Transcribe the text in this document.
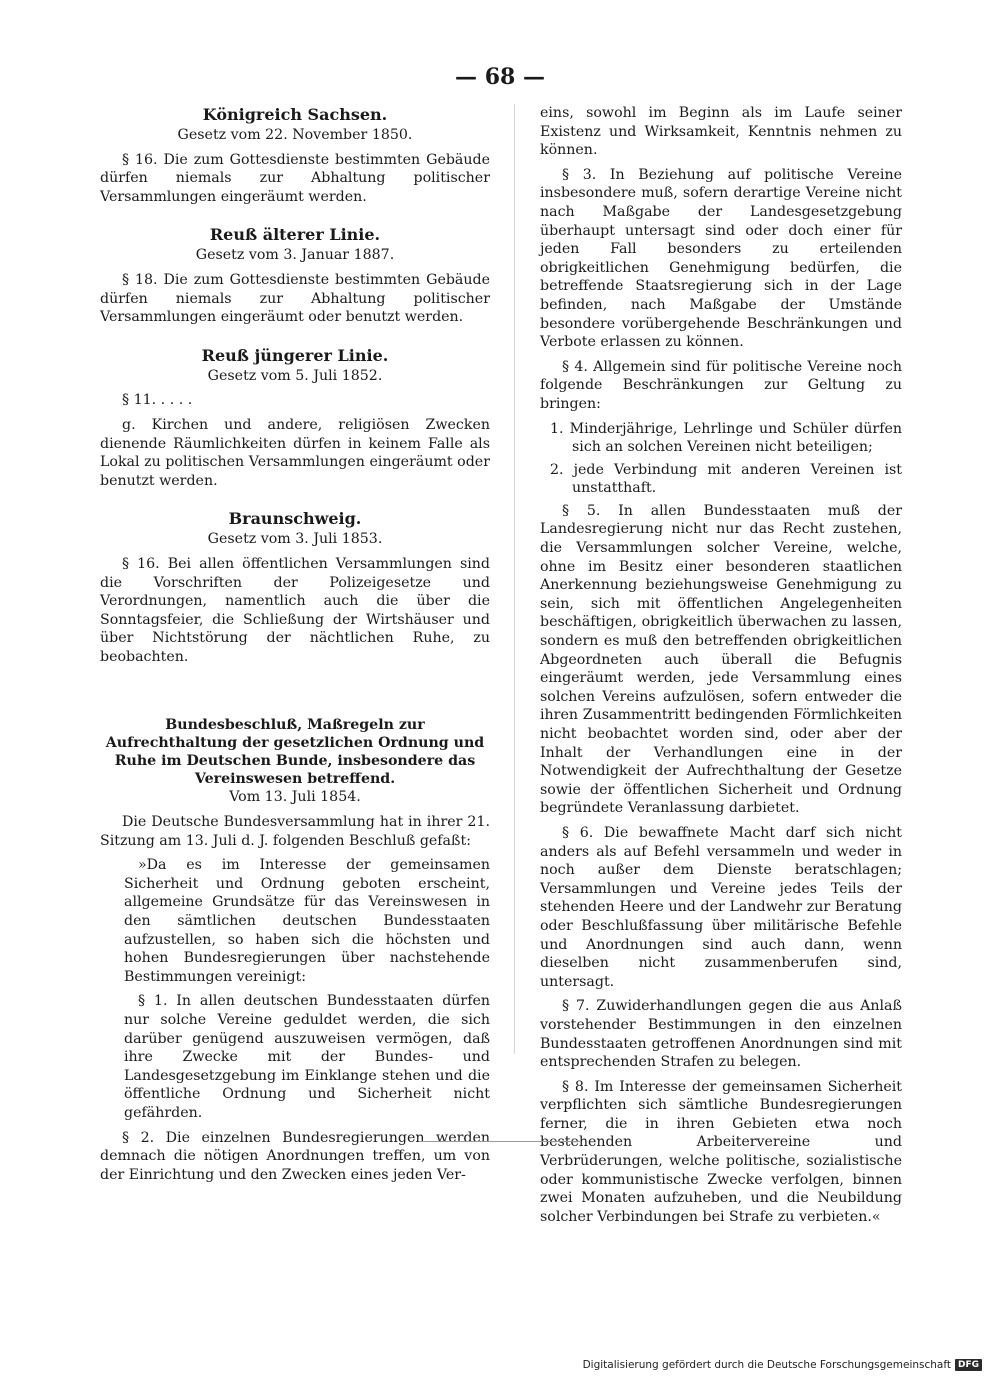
— 68 —
Königreich Sachsen.
Gesetz vom 22. November 1850.

§ 16. Die zum Gottesdienste bestimmten Gebäude dürfen niemals zur Abhaltung politischer Versammlungen eingeräumt werden.

Reuß älterer Linie.
Gesetz vom 3. Januar 1887.

§ 18. Die zum Gottesdienste bestimmten Gebäude dürfen niemals zur Abhaltung politischer Versammlungen eingeräumt oder benutzt werden.

Reuß jüngerer Linie.
Gesetz vom 5. Juli 1852.

§ 11. . . . .

g. Kirchen und andere, religiösen Zwecken dienende Räumlichkeiten dürfen in keinem Falle als Lokal zu politischen Versammlungen eingeräumt oder benutzt werden.

Braunschweig.
Gesetz vom 3. Juli 1853.

§ 16. Bei allen öffentlichen Versammlungen sind die Vorschriften der Polizeigesetze und Verordnungen, namentlich auch die über die Sonntagsfeier, die Schließung der Wirtshäuser und über Nichtstörung der nächtlichen Ruhe, zu beobachten.

Bundesbeschluß, Maßregeln zur Aufrechthaltung der gesetzlichen Ordnung und Ruhe im Deutschen Bunde, insbesondere das Vereinswesen betreffend.
Vom 13. Juli 1854.

Die Deutsche Bundesversammlung hat in ihrer 21. Sitzung am 13. Juli d. J. folgenden Beschluß gefaßt:

»Da es im Interesse der gemeinsamen Sicherheit und Ordnung geboten erscheint, allgemeine Grundsätze für das Vereinswesen in den sämtlichen deutschen Bundesstaaten aufzustellen, so haben sich die höchsten und hohen Bundesregierungen über nachstehende Bestimmungen vereinigt:

§ 1. In allen deutschen Bundesstaaten dürfen nur solche Vereine geduldet werden, die sich darüber genügend auszuweisen vermögen, daß ihre Zwecke mit der Bundes- und Landesgesetzgebung im Einklange stehen und die öffentliche Ordnung und Sicherheit nicht gefährden.

§ 2. Die einzelnen Bundesregierungen werden demnach die nötigen Anordnungen treffen, um von der Einrichtung und den Zwecken eines jeden Ver-

eins, sowohl im Beginn als im Laufe seiner Existenz und Wirksamkeit, Kenntnis nehmen zu können.

§ 3. In Beziehung auf politische Vereine insbesondere muß, sofern derartige Vereine nicht nach Maßgabe der Landesgesetzgebung überhaupt untersagt sind oder doch einer für jeden Fall besonders zu erteilenden obrigkeitlichen Genehmigung bedürfen, die betreffende Staatsregierung sich in der Lage befinden, nach Maßgabe der Umstände besondere vorübergehende Beschränkungen und Verbote erlassen zu können.

§ 4. Allgemein sind für politische Vereine noch folgende Beschränkungen zur Geltung zu bringen:

1. Minderjährige, Lehrlinge und Schüler dürfen sich an solchen Vereinen nicht beteiligen;
2. jede Verbindung mit anderen Vereinen ist unstatthaft.

§ 5. In allen Bundesstaaten muß der Landesregierung nicht nur das Recht zustehen, die Versammlungen solcher Vereine, welche, ohne im Besitz einer besonderen staatlichen Anerkennung beziehungsweise Genehmigung zu sein, sich mit öffentlichen Angelegenheiten beschäftigen, obrigkeitlich überwachen zu lassen, sondern es muß den betreffenden obrigkeitlichen Abgeordneten auch überall die Befugnis eingeräumt werden, jede Versammlung eines solchen Vereins aufzulösen, sofern entweder die ihren Zusammentritt bedingenden Förmlichkeiten nicht beobachtet worden sind, oder aber der Inhalt der Verhandlungen eine in der Notwendigkeit der Aufrechthaltung der Gesetze sowie der öffentlichen Sicherheit und Ordnung begründete Veranlassung darbietet.

§ 6. Die bewaffnete Macht darf sich nicht anders als auf Befehl versammeln und weder in noch außer dem Dienste beratschlagen; Versammlungen und Vereine jedes Teils der stehenden Heere und der Landwehr zur Beratung oder Beschlußfassung über militärische Befehle und Anordnungen sind auch dann, wenn dieselben nicht zusammenberufen sind, untersagt.

§ 7. Zuwiderhandlungen gegen die aus Anlaß vorstehender Bestimmungen in den einzelnen Bundesstaaten getroffenen Anordnungen sind mit entsprechenden Strafen zu belegen.

§ 8. Im Interesse der gemeinsamen Sicherheit verpflichten sich sämtliche Bundesregierungen ferner, die in ihren Gebieten etwa noch bestehenden Arbeitervereine und Verbrüderungen, welche politische, sozialistische oder kommunistische Zwecke verfolgen, binnen zwei Monaten aufzuheben, und die Neubildung solcher Verbindungen bei Strafe zu verbieten.«

Digitalisierung gefördert durch die Deutsche Forschungsgemeinschaft DFG
